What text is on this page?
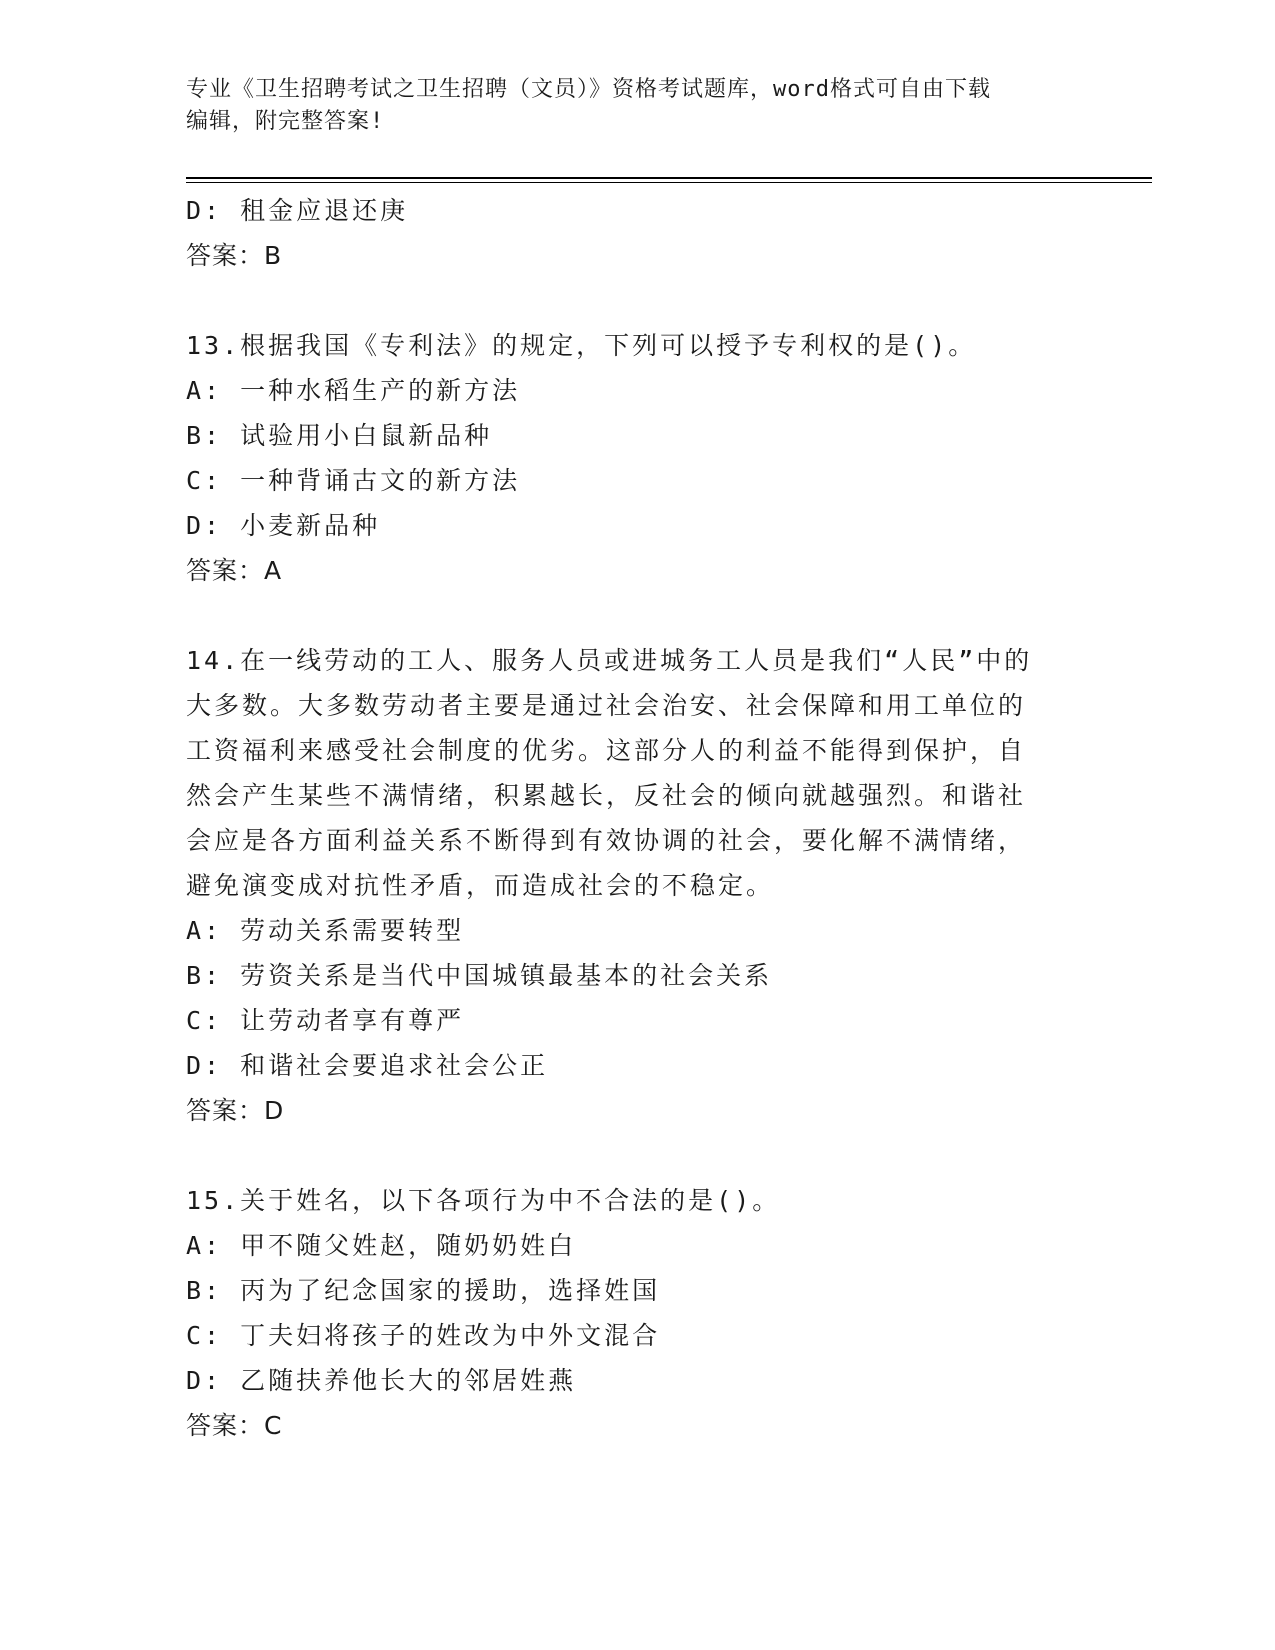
专业《卫生招聘考试之卫生招聘（文员）》资格考试题库，word格式可自由下载
编辑，附完整答案!
D: 租金应退还庚
答案：B
13.根据我国《专利法》的规定，下列可以授予专利权的是()。
A: 一种水稻生产的新方法
B: 试验用小白鼠新品种
C: 一种背诵古文的新方法
D: 小麦新品种
答案：A
14.在一线劳动的工人、服务人员或进城务工人员是我们“人民”中的
大多数。大多数劳动者主要是通过社会治安、社会保障和用工单位的
工资福利来感受社会制度的优劣。这部分人的利益不能得到保护，自
然会产生某些不满情绪，积累越长，反社会的倾向就越强烈。和谐社
会应是各方面利益关系不断得到有效协调的社会，要化解不满情绪，
避免演变成对抗性矛盾，而造成社会的不稳定。
A: 劳动关系需要转型
B: 劳资关系是当代中国城镇最基本的社会关系
C: 让劳动者享有尊严
D: 和谐社会要追求社会公正
答案：D
15.关于姓名，以下各项行为中不合法的是()。
A: 甲不随父姓赵，随奶奶姓白
B: 丙为了纪念国家的援助，选择姓国
C: 丁夫妇将孩子的姓改为中外文混合
D: 乙随扶养他长大的邻居姓燕
答案：C
